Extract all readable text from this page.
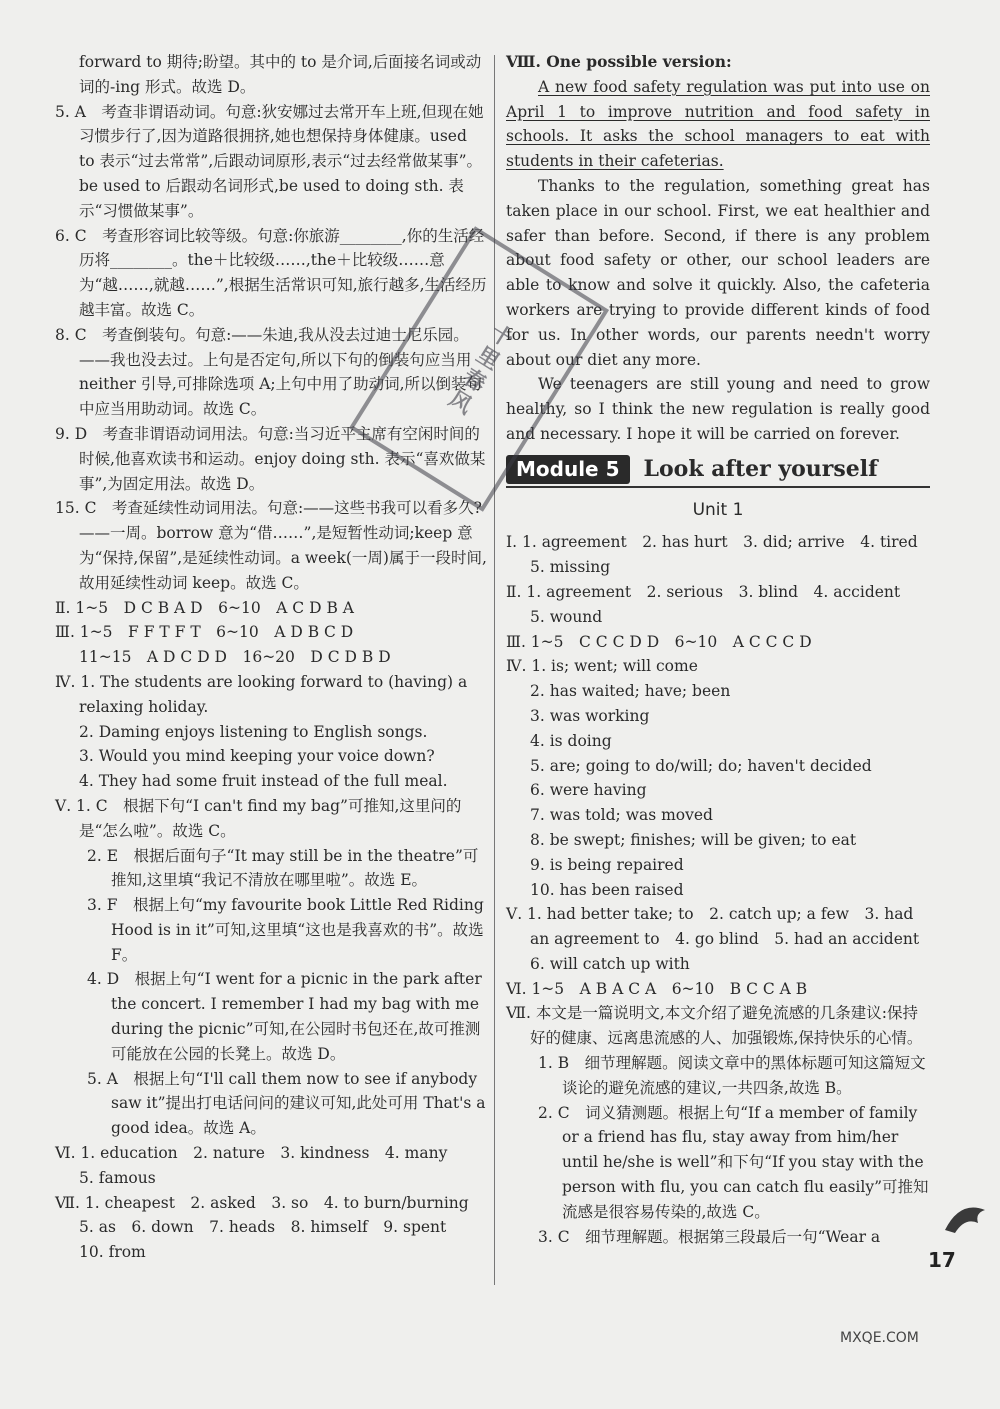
forward to 期待;盼望。其中的 to 是介词,后面接名词或动词的-ing 形式。故选 D。
5. A　考查非谓语动词。句意:狄安娜过去常开车上班,但现在她习惯步行了,因为道路很拥挤,她也想保持身体健康。used to 表示“过去常常”,后跟动词原形,表示“过去经常做某事”。be used to 后跟动名词形式,be used to doing sth. 表示“习惯做某事”。
6. C　考查形容词比较等级。句意:你旅游________,你的生活经历将________。the＋比较级……,the＋比较级……意为“越……,就越……”,根据生活常识可知,旅行越多,生活经历越丰富。故选 C。
8. C　考查倒装句。句意:——朱迪,我从没去过迪士尼乐园。——我也没去过。上句是否定句,所以下句的倒装句应当用 neither 引导,可排除选项 A;上句中用了助动词,所以倒装句中应当用助动词。故选 C。
9. D　考查非谓语动词用法。句意:当习近平主席有空闲时间的时候,他喜欢读书和运动。enjoy doing sth. 表示“喜欢做某事”,为固定用法。故选 D。
15. C　考查延续性动词用法。句意:——这些书我可以看多久?——一周。borrow 意为“借……”,是短暂性动词;keep 意为“保持,保留”,是延续性动词。a week(一周)属于一段时间,故用延续性动词 keep。故选 C。
Ⅱ. 1~5　D C B A D　6~10　A C D B A
Ⅲ. 1~5　F F T F T　6~10　A D B C D
11~15　A D C D D　16~20　D C D B D
Ⅳ. 1. The students are looking forward to (having) a relaxing holiday.
2. Daming enjoys listening to English songs.
3. Would you mind keeping your voice down?
4. They had some fruit instead of the full meal.
Ⅴ. 1. C　根据下句“I can't find my bag”可推知,这里问的是“怎么啦”。故选 C。
2. E　根据后面句子“It may still be in the theatre”可推知,这里填“我记不清放在哪里啦”。故选 E。
3. F　根据上句“my favourite book Little Red Riding Hood is in it”可知,这里填“这也是我喜欢的书”。故选 F。
4. D　根据上句“I went for a picnic in the park after the concert. I remember I had my bag with me during the picnic”可知,在公园时书包还在,故可推测可能放在公园的长凳上。故选 D。
5. A　根据上句“I'll call them now to see if anybody saw it”提出打电话问问的建议可知,此处可用 That's a good idea。故选 A。
Ⅵ. 1. education　2. nature　3. kindness　4. many
5. famous
Ⅶ. 1. cheapest　2. asked　3. so　4. to burn/burning
5. as　6. down　7. heads　8. himself　9. spent
10. from
Ⅷ. One possible version:
A new food safety regulation was put into use on April 1 to improve nutrition and food safety in schools. It asks the school managers to eat with students in their cafeterias.
Thanks to the regulation, something great has taken place in our school. First, we eat healthier and safer than before. Second, if there is any problem about food safety or other, our school leaders are able to know and solve it quickly. Also, the cafeteria workers are trying to provide different kinds of food for us. In other words, our parents needn't worry about our diet any more.
We teenagers are still young and need to grow healthy, so I think the new regulation is really good and necessary. I hope it will be carried on forever.
Module 5	Look after yourself
Unit 1
Ⅰ. 1. agreement　2. has hurt　3. did; arrive　4. tired
5. missing
Ⅱ. 1. agreement　2. serious　3. blind　4. accident
5. wound
Ⅲ. 1~5　C C C D D　6~10　A C C C D
Ⅳ. 1. is; went; will come
2. has waited; have; been
3. was working
4. is doing
5. are; going to do/will; do; haven't decided
6. were having
7. was told; was moved
8. be swept; finishes; will be given; to eat
9. is being repaired
10. has been raised
Ⅴ. 1. had better take; to　2. catch up; a few　3. had an agreement to　4. go blind　5. had an accident　6. will catch up with
Ⅵ. 1~5　A B A C A　6~10　B C C A B
Ⅶ. 本文是一篇说明文,本文介绍了避免流感的几条建议:保持好的健康、远离患流感的人、加强锻炼,保持快乐的心情。
1. B　细节理解题。阅读文章中的黑体标题可知这篇短文谈论的避免流感的建议,一共四条,故选 B。
2. C　词义猜测题。根据上句“If a member of family or a friend has flu, stay away from him/her until he/she is well”和下句“If you stay with the person with flu, you can catch flu easily”可推知流感是很容易传染的,故选 C。
3. C　细节理解题。根据第三段最后一句“Wear a
十里春风
17
MXQE.COM
